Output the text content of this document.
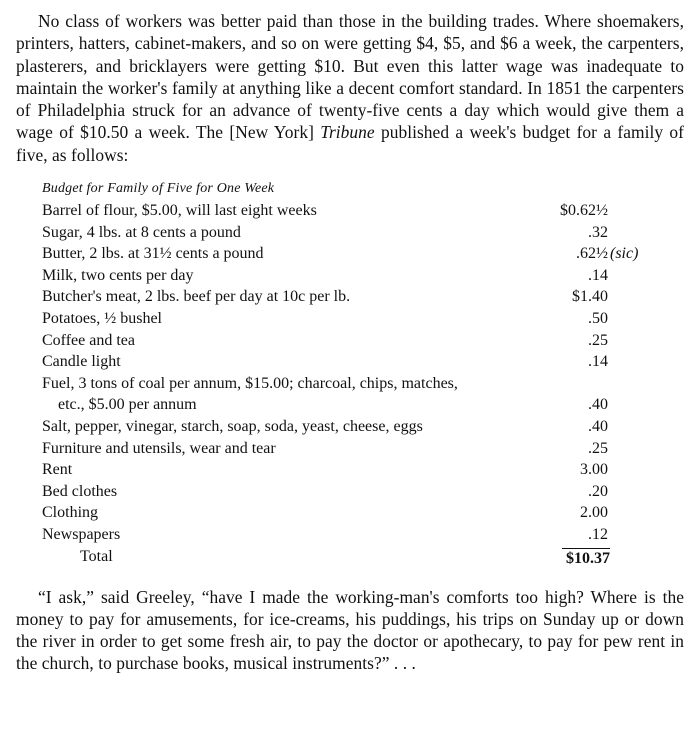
No class of workers was better paid than those in the building trades. Where shoemakers, printers, hatters, cabinet-makers, and so on were getting $4, $5, and $6 a week, the carpenters, plasterers, and bricklayers were getting $10. But even this latter wage was inadequate to maintain the worker's family at anything like a decent comfort standard. In 1851 the carpenters of Philadelphia struck for an advance of twenty-five cents a day which would give them a wage of $10.50 a week. The [New York] Tribune published a week's budget for a family of five, as follows:

Budget for Family of Five for One Week
Barrel of flour, $5.00, will last eight weeks	$0.62½
Sugar, 4 lbs. at 8 cents a pound	.32
Butter, 2 lbs. at 31½ cents a pound	.62½ (sic)
Milk, two cents per day	.14
Butcher's meat, 2 lbs. beef per day at 10c per lb.	$1.40
Potatoes, ½ bushel	.50
Coffee and tea	.25
Candle light	.14
Fuel, 3 tons of coal per annum, $15.00; charcoal, chips, matches,
etc., $5.00 per annum	.40
Salt, pepper, vinegar, starch, soap, soda, yeast, cheese, eggs	.40
Furniture and utensils, wear and tear	.25
Rent	3.00
Bed clothes	.20
Clothing	2.00
Newspapers	.12
Total	$10.37

“I ask,” said Greeley, “have I made the working-man's comforts too high? Where is the money to pay for amusements, for ice-creams, his puddings, his trips on Sunday up or down the river in order to get some fresh air, to pay the doctor or apothecary, to pay for pew rent in the church, to purchase books, musical instruments?” . . .
